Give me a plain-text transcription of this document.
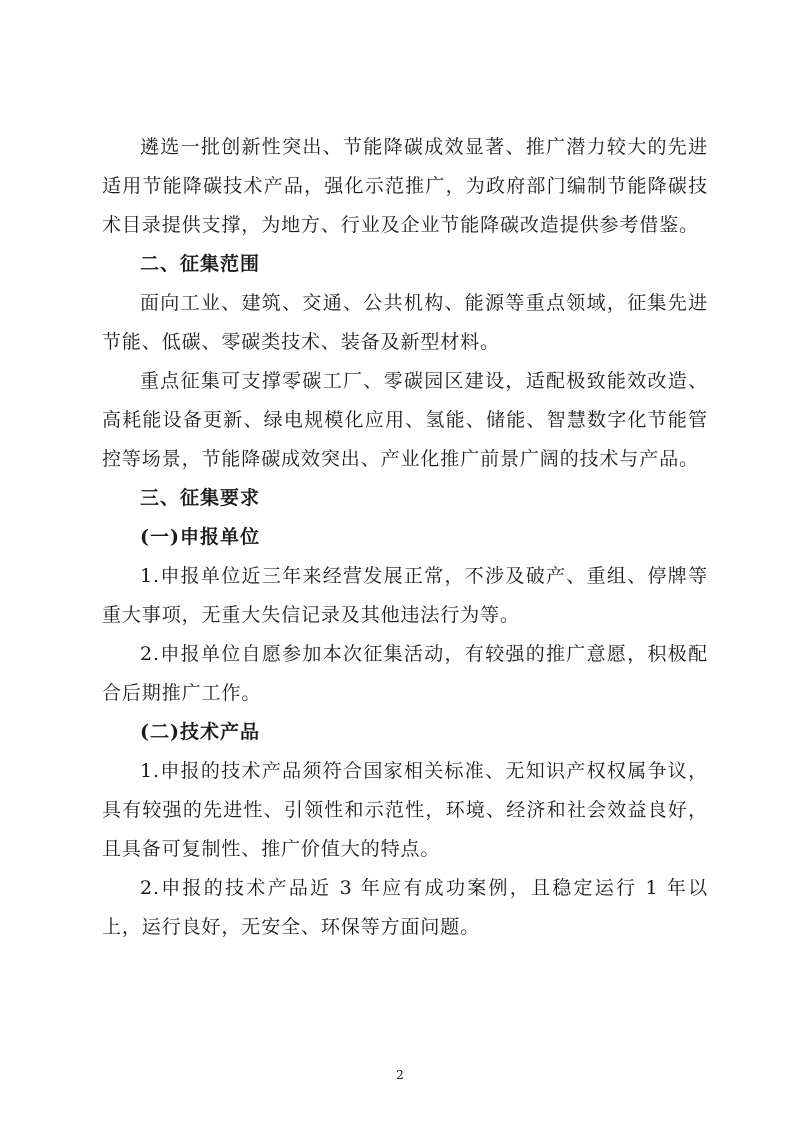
遴选一批创新性突出、节能降碳成效显著、推广潜力较大的先进适用节能降碳技术产品，强化示范推广，为政府部门编制节能降碳技术目录提供支撑，为地方、行业及企业节能降碳改造提供参考借鉴。

二、征集范围

面向工业、建筑、交通、公共机构、能源等重点领域，征集先进节能、低碳、零碳类技术、装备及新型材料。

重点征集可支撑零碳工厂、零碳园区建设，适配极致能效改造、高耗能设备更新、绿电规模化应用、氢能、储能、智慧数字化节能管控等场景，节能降碳成效突出、产业化推广前景广阔的技术与产品。

三、征集要求

(一)申报单位

1.申报单位近三年来经营发展正常，不涉及破产、重组、停牌等重大事项，无重大失信记录及其他违法行为等。

2.申报单位自愿参加本次征集活动，有较强的推广意愿，积极配合后期推广工作。

(二)技术产品

1.申报的技术产品须符合国家相关标准、无知识产权权属争议，具有较强的先进性、引领性和示范性，环境、经济和社会效益良好，且具备可复制性、推广价值大的特点。

2.申报的技术产品近 3 年应有成功案例，且稳定运行 1 年以上，运行良好，无安全、环保等方面问题。

2
